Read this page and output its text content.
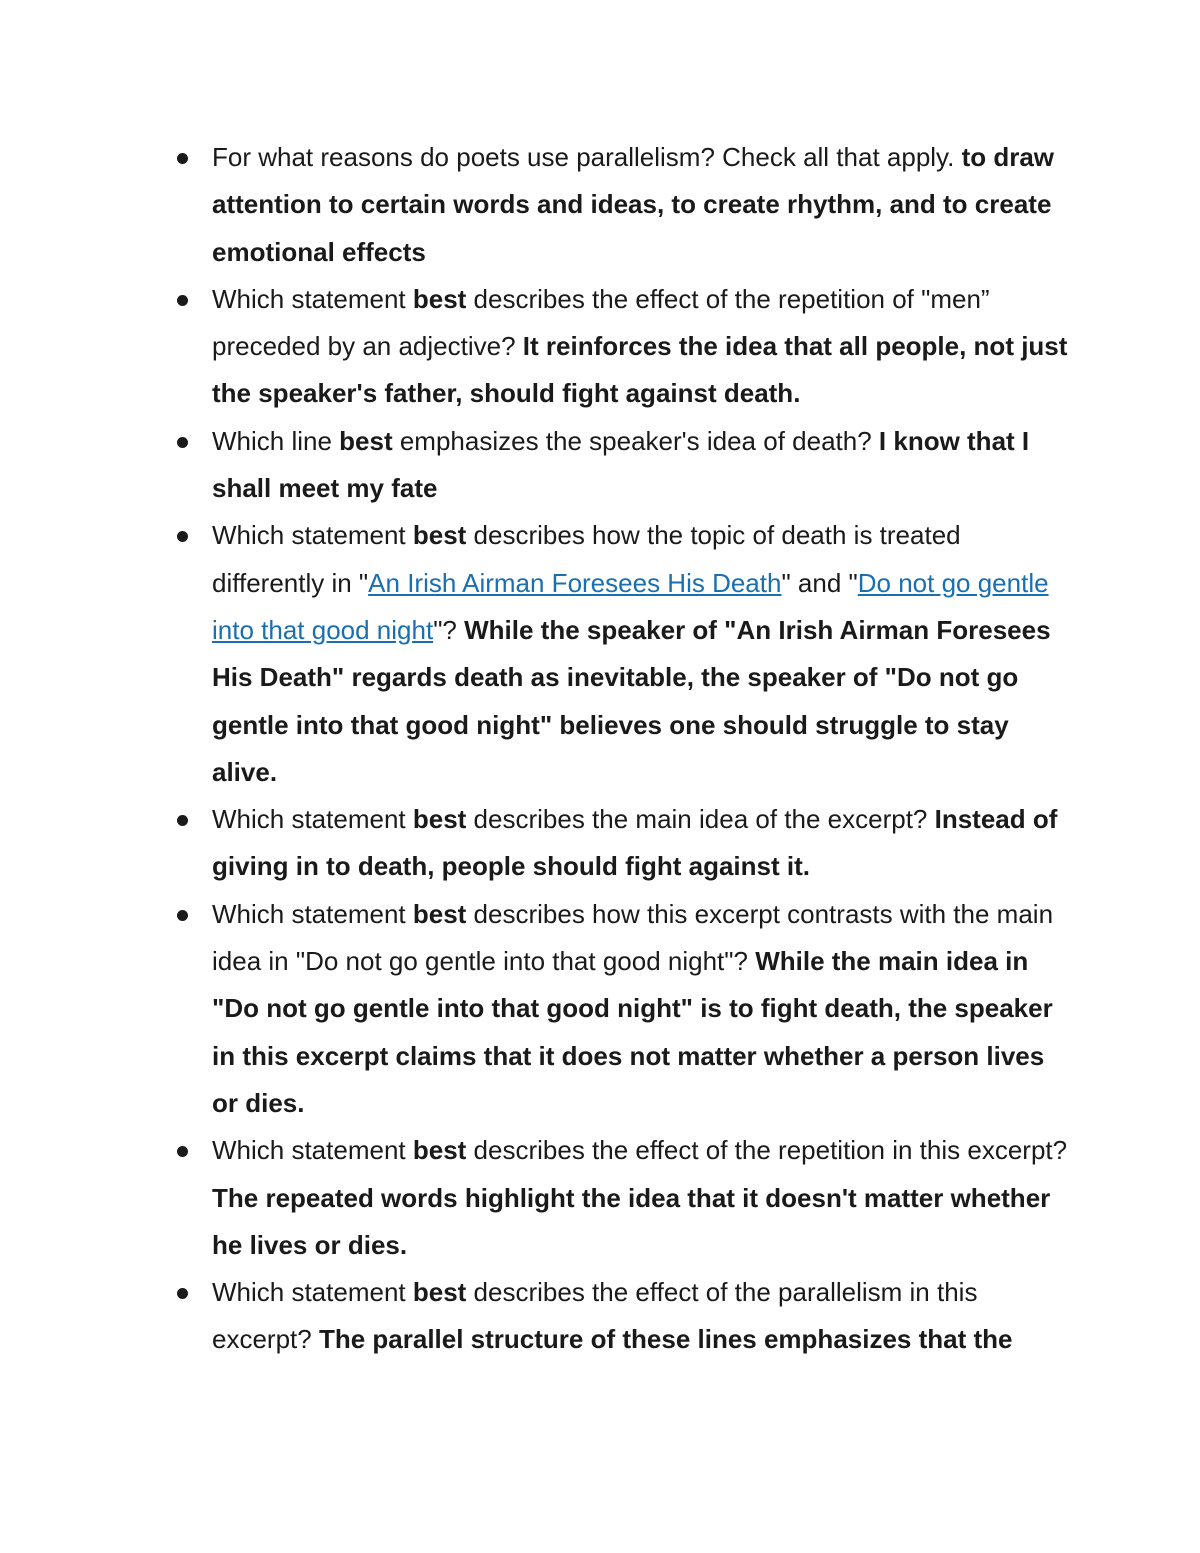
For what reasons do poets use parallelism? Check all that apply. to draw attention to certain words and ideas, to create rhythm, and to create emotional effects
Which statement best describes the effect of the repetition of "men” preceded by an adjective? It reinforces the idea that all people, not just the speaker's father, should fight against death.
Which line best emphasizes the speaker's idea of death? I know that I shall meet my fate
Which statement best describes how the topic of death is treated differently in "An Irish Airman Foresees His Death" and "Do not go gentle into that good night"? While the speaker of "An Irish Airman Foresees His Death" regards death as inevitable, the speaker of "Do not go gentle into that good night" believes one should struggle to stay alive.
Which statement best describes the main idea of the excerpt? Instead of giving in to death, people should fight against it.
Which statement best describes how this excerpt contrasts with the main idea in "Do not go gentle into that good night"? While the main idea in "Do not go gentle into that good night" is to fight death, the speaker in this excerpt claims that it does not matter whether a person lives or dies.
Which statement best describes the effect of the repetition in this excerpt? The repeated words highlight the idea that it doesn't matter whether he lives or dies.
Which statement best describes the effect of the parallelism in this excerpt? The parallel structure of these lines emphasizes that the
